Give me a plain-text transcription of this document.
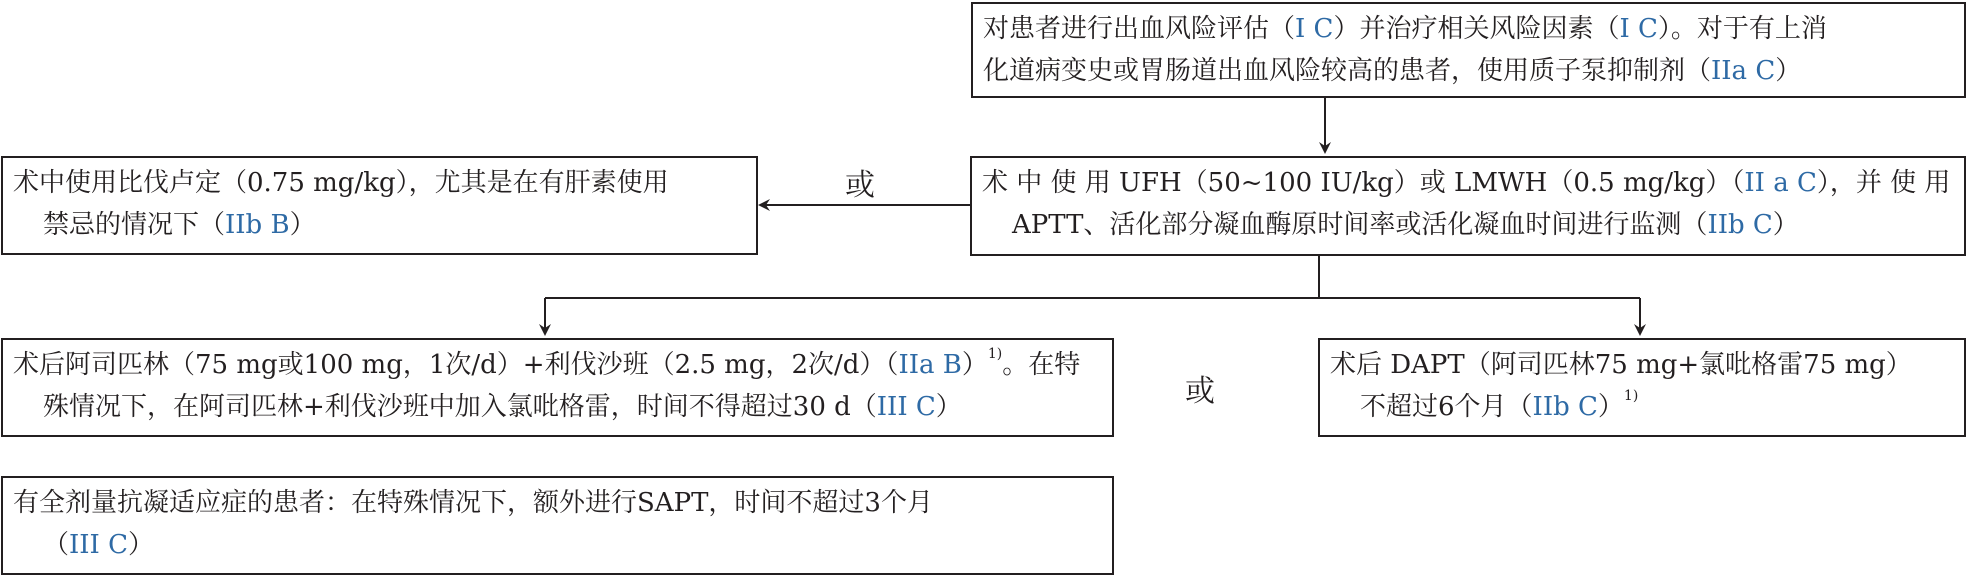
对患者进行出血风险评估（I C）并治疗相关风险因素（I C）。对于有上消
化道病变史或胃肠道出血风险较高的患者，使用质子泵抑制剂（IIa C）
术中使用比伐卢定（0.75 mg/kg），尤其是在有肝素使用
禁忌的情况下（IIb B）
或	术 中 使 用 UFH（50~100 IU/kg）或 LMWH（0.5 mg/kg）（II a C），并 使 用
APTT、活化部分凝血酶原时间率或活化凝血时间进行监测（IIb C）
术后阿司匹林（75 mg或100 mg，1次/d）+利伐沙班（2.5 mg，2次/d）（IIa B）$^{1)}$。在特
殊情况下，在阿司匹林+利伐沙班中加入氯吡格雷，时间不得超过30 d（III C）	或
术后 DAPT（阿司匹林75 mg+氯吡格雷75 mg）
不超过6个月（IIb C）$^{1)}$
有全剂量抗凝适应症的患者：在特殊情况下，额外进行SAPT，时间不超过3个月
（III C）
